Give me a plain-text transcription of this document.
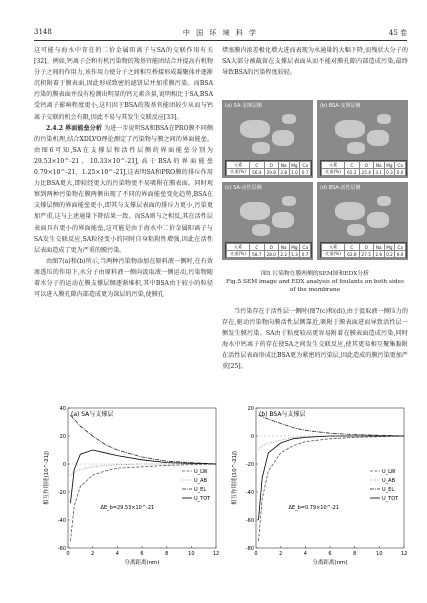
3148	中 国 环 境 科 学	45 卷

这可能与海水中存在的二价金属阳离子与SA的交联作用有关[32]。例如,钙离子会和有机污染物的羧基官能团结合并提高有机物分子之间的作用力,该作用力使分子之间相互桥接形成凝聚体并逐渐沉积附着于膜表面,因此形成致密的滤饼层并加重膜污染。而BSA污染的膜表面并没有检测出明显的钙元素含量,说明相比于SA,BSA受钙离子影响程度更小,这归因于BSA的羧基官能团较少从而与钙离子交联的机会有限,因此不易与其发生交联反应[33]。

2.4.2 界面能垒分析 为进一步说明SA和BSA在PRO膜不同侧的污染机理,结合XDLVO理论测定了污染物与膜之间的界面能垒。由图6可知,SA在支撑层和活性层侧的界面能垒分别为29.53×10^-21、10.33×10^-21J,高于BSA的界面能垒0.79×10^-21、1.25×10^-21J,这表明SA和PRO膜的排斥作用力比BSA更大,即较经更大的污染物更不易吸附在膜表面。同时观察到两种污染物在膜两侧出现了不同的界面能垒变化趋势,BSA在支撑层侧的界面能垒更小,即其与支撑层表面的排斥力更小,污染更加严重,这与上述通量下降结果一致。而SA则与之相反,其在活性层表面具有更小的界面能垒,这可能是由于海水中二价金属阳离子与SA发生交联反应,SA粒径变小的同时自身粘附性增强,因此在活性层表面造成了更为严重的膜污染。

由图7(a)和(b)所示,当两种污染物添加在原料液一侧时,在有效渗透压的作用下,水分子由原料液一侧向汲取液一侧运动,污染物随着水分子的运动在膜支撑层侧逐渐堆积,其中BSA由于较小的粒径可以进入膜孔隙内部造成更为深层的污染,使膜孔

堵塞膜内浓差极化增大进而表现为水通量的大幅下降,而残状大分子的SA大部分被截留在支撑层表面从而不能对膜孔隙内部造成污染,最终导致BSA的污染程度较轻。

(a) SA-支撑层侧
元素	C	O	Na	Mg	Ca
比重(%)	56.4	29.8	2.8	1.0	0.7
(b) BSA-支撑层侧
元素	C	O	Na	Mg	Ca
比重(%)	65.2	25.4	3.1	0.3	0.0
(c) SA-活性层侧
元素	C	O	Na	Mg	Ca
比重(%)	58.7	28.0	2.2	1.3	0.7
(d) BSA-活性层侧
元素	C	O	Na	Mg	Ca
比重(%)	62.8	27.5	2.6	0.2	0.0
图5 污染物在膜两侧的SEM图和EDX分析
Fig.5 SEM image and EDX analysis of foulants on both sides
of the membrane

当污染存在于活性层一侧时(图7(c)和(d)),由于汲取液一侧压力的存在,驱动污染物向膜活性层侧靠近,吸附于膜表面进而导致活性层一侧发生膜污染。SA由于粘度较高更容易附着在膜表面造成污染,同时海水中钙离子的存在使SA之间发生交联反应,使其更易相互聚集黏附在活性层表面形成比BSA更为紧密的污染层,因此造成的膜污染更加严重[25]。

(a) SA与支撑层
0	2	4	6	8	10	12
-60
-40
-20
0
20
40
分离距离(nm)
相互作用能(10^-21J)	U_LW
U_AB
U_EL
U_TOT
ΔE_b=29.53×10^-21
(b) BSA与支撑层
0	2	4	6	8	10	12
-80
-60
-40
-20
0
20
分离距离(nm)
相互作用能(10^-21J)	U_LW
U_AB
U_EL
U_TOT
ΔE_b=0.79×10^-21
